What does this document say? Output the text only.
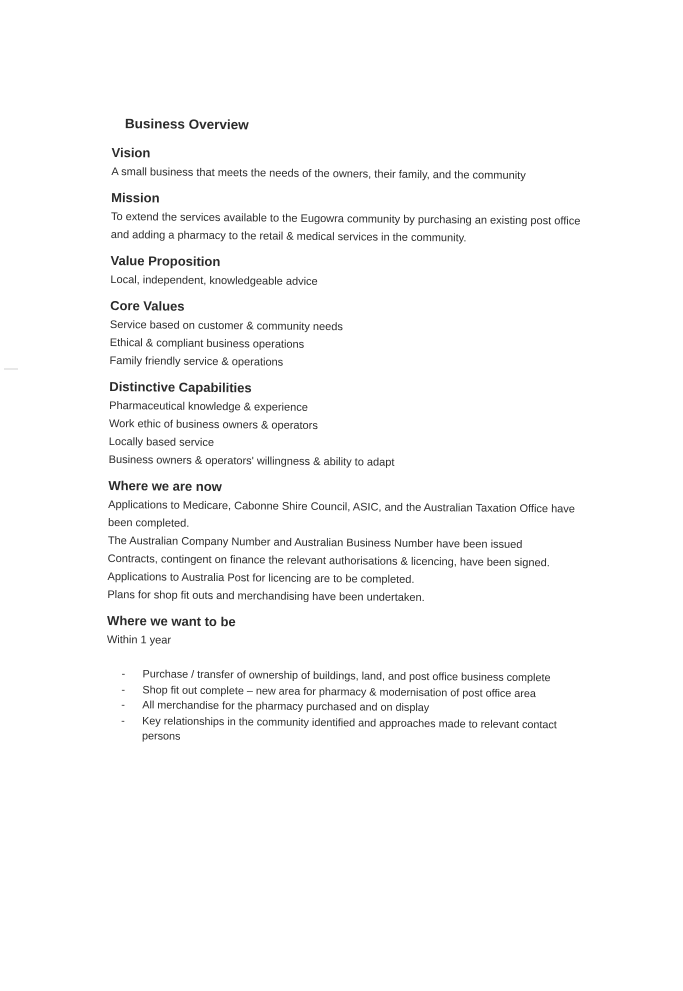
Business Overview
Vision

A small business that meets the needs of the owners, their family, and the community

Mission

To extend the services available to the Eugowra community by purchasing an existing post office and adding a pharmacy to the retail & medical services in the community.

Value Proposition

Local, independent, knowledgeable advice

Core Values

Service based on customer & community needs

Ethical & compliant business operations

Family friendly service & operations

Distinctive Capabilities

Pharmaceutical knowledge & experience

Work ethic of business owners & operators

Locally based service

Business owners & operators' willingness & ability to adapt

Where we are now

Applications to Medicare, Cabonne Shire Council, ASIC, and the Australian Taxation Office have been completed.

The Australian Company Number and Australian Business Number have been issued

Contracts, contingent on finance the relevant authorisations & licencing, have been signed.

Applications to Australia Post for licencing are to be completed.

Plans for shop fit outs and merchandising have been undertaken.

Where we want to be

Within 1 year

- Purchase / transfer of ownership of buildings, land, and post office business complete
- Shop fit out complete – new area for pharmacy & modernisation of post office area
- All merchandise for the pharmacy purchased and on display
- Key relationships in the community identified and approaches made to relevant contact persons
